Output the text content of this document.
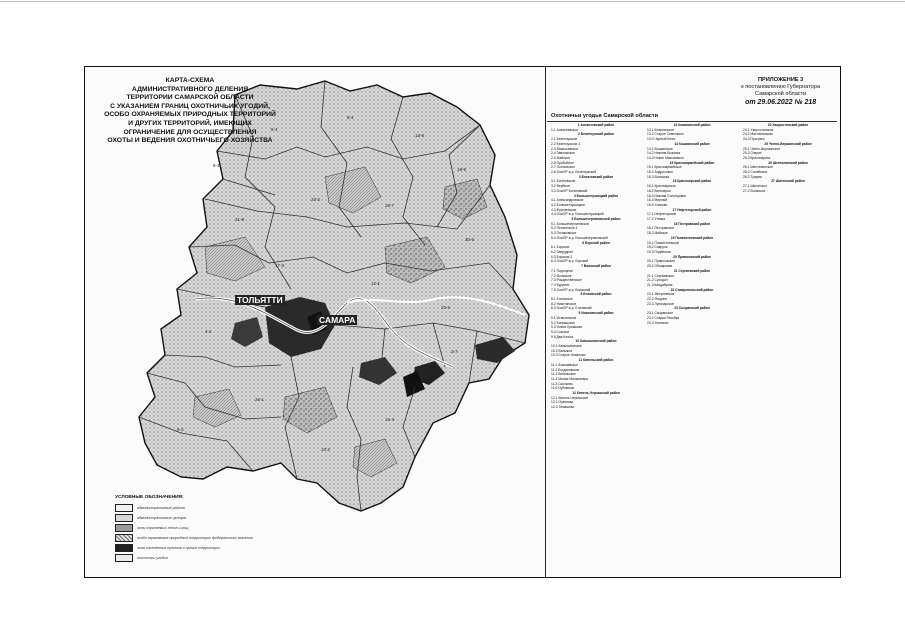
КАРТА-СХЕМА
АДМИНИСТРАТИВНОГО ДЕЛЕНИЯ
ТЕРРИТОРИИ САМАРСКОЙ ОБЛАСТИ
С УКАЗАНИЕМ ГРАНИЦ ОХОТНИЧЬИХ УГОДИЙ,
ОСОБО ОХРАНЯЕМЫХ ПРИРОДНЫХ ТЕРРИТОРИЙ
И ДРУГИХ ТЕРРИТОРИЙ, ИМЕЮЩИХ
ОГРАНИЧЕНИЕ ДЛЯ ОСУЩЕСТВЛЕНИЯ
ОХОТЫ И ВЕДЕНИЯ ОХОТНИЧЬЕГО ХОЗЯЙСТВА
ТОЛЬЯТТИ
САМАРА
5-1
6-4
8-4
13-6
19-5
21-9
23-2
25-7
30-6
4-2
17-3
12-1
22-5
9-3
26-1
10-2
16-4
3-7
УСЛОВНЫЕ ОБОЗНАЧЕНИЯ:
административные районы
административные центры
зоны охраняемых лесов и рощ
особо охраняемые природные территории федерального значения
зоны населённых пунктов и прочие территории
охотничьи угодья
ПРИЛОЖЕНИЕ 3
к постановлению Губернатора
Самарской области
от 29.06.2022 № 218
Охотничьи угодья Самарской области
1 Алексеевский район
1-1 Алексеевское
2 Безенчукский район
2-1 Безенчукское
2-2 Безенчукское-1
2-3 Васильевское
2-4 Заволжское
2-5 Майское
2-6 Прибойное
2-7 Осиновское
2-8 ОоиОР ж.р. Безенчукский
3 Богатовский район
3-1 Богатовское
3-2 Вербное
3-3 ОоиОР Богатовский
4 Большеглушицкий район
4-1 Александровское
4-2 Большеглушицкое
4-3 Фрунзенское
4-4 ОоиОР ж.р. Большеглушицкий
5 Большечерниговский район
5-1 Большечерниговское
5-2 Пензенское-1
5-3 Поляковское
5-4 ОоиОР ж.р. Большечерниговский
6 Борский район
6-1 Борское
6-2 Запрудное
6-3 Борское-2
6-4 ОоиОР ж.р. Борский
7 Волжский район
7-1 Подгорное
7-2 Волжское
7-3 Рождественское
7-4 Курумоч
7-5 ОоиОР ж.р. Волжский
8 Елховский район
8-1 Елховское
8-2 Никитинское
8-3 ОоиОР ж.р. Елховский
9 Исаклинский район
9-1 Исаклинское
9-2 Багряшское
9-3 Новое Ермаково
9-4 Сокское
9-5 Два Ключа
10 Камышлинский район
10-1 Камышлинское
10-2 Балыкла
10-3 Старое Усманово
11 Кинельский район
11-1 Алакаевское
11-2 Богдановское
11-3 Кинельское
11-4 Малая Малышевка
11-5 Сколково
11-6 Чубовское
12 Кинель-Черкасский район
12-1 Кинель-Черкасское
12-2 Ореховка
12-3 Тимашево
13 Клявлинский район
13-1 Клявлинское
13-2 Старое Семенкино
13-3 Черный Ключ
14 Кошкинский район
14-1 Кошкинское
14-2 Нижняя Быковка
14-3 Новое Максимкино
15 Красноармейский район
15-1 Красноармейское
15-2 Андросовка
15-3 Волчанка
16 Красноярский район
16-1 Красноярское
16-2 Белозерки
16-3 Нижняя Солонцовка
16-4 Мирный
16-5 Хилково
17 Нефтегорский район
17-1 Нефтегорское
17-2 Утевка
18 Пестравский район
18-1 Пестравское
18-2 Майское
19 Похвистневский район
19-1 Похвистневское
19-2 Савруха
19-3 Подбельск
20 Приволжский район
20-1 Приволжское
20-2 Обшаровка
21 Сергиевский район
21-1 Сергиевское
21-2 Суходол
21-3 Кандабулак
22 Ставропольский район
22-1 Жигулевское
22-2 Ягодное
22-3 Луначарское
23 Сызранский район
23-1 Сызранское
23-2 Старая Рачейка
23-3 Усинское
24 Хворостянский район
24-1 Хворостянское
24-2 Масленниково
24-3 Прогресс
25 Челно-Вершинский район
25-1 Челно-Вершинское
25-2 Озерки
25-3 Краснояриха
26 Шенталинский район
26-1 Шенталинское
26-2 Салейкино
26-3 Туарма
27 Шигонский район
27-1 Шигонское
27-2 Волжское
